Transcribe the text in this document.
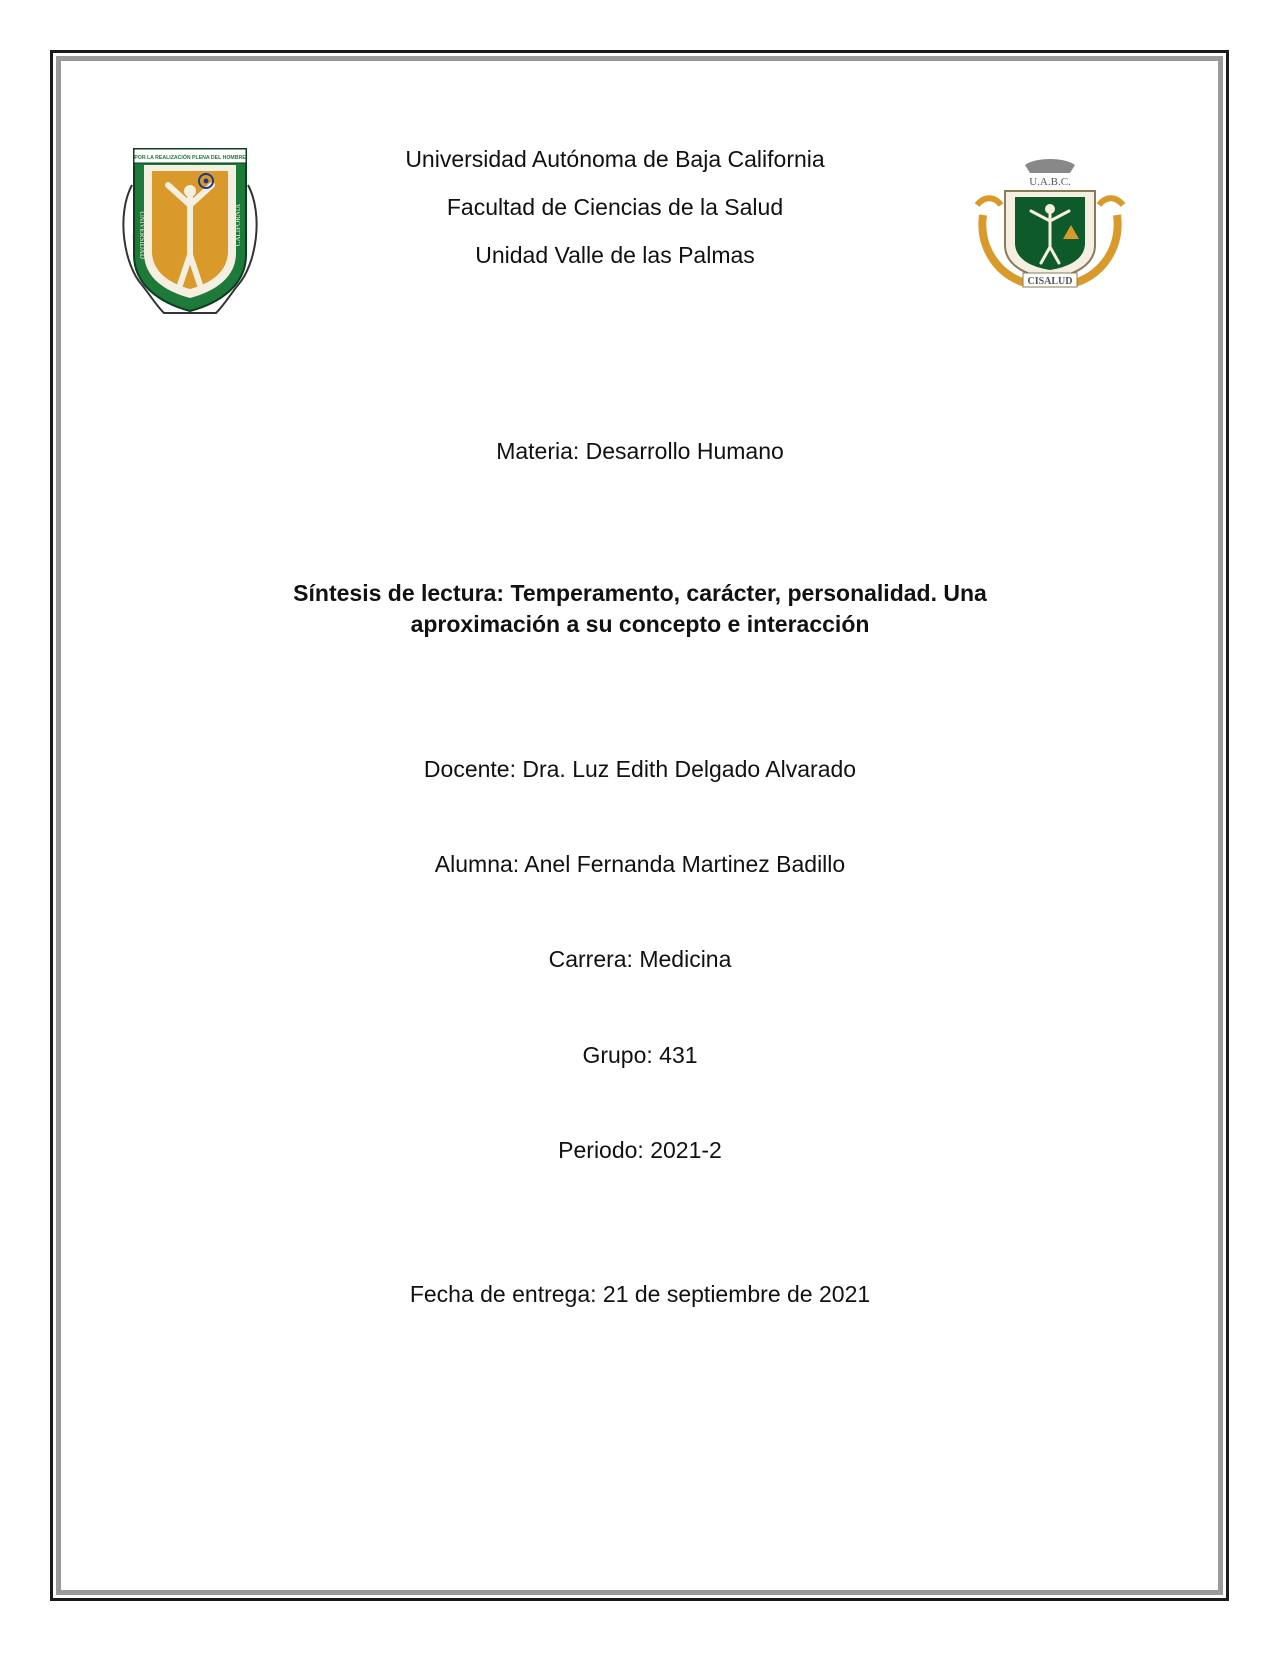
POR LA REALIZACIÓN PLENA DEL HOMBRE
UNIVERSIDAD	CALIFORNIA
U.A.B.C.
CISALUD
Universidad Autónoma de Baja California
Facultad de Ciencias de la Salud
Unidad Valle de las Palmas
Materia: Desarrollo Humano
Síntesis de lectura: Temperamento, carácter, personalidad. Una
aproximación a su concepto e interacción
Docente: Dra. Luz Edith Delgado Alvarado
Alumna: Anel Fernanda Martinez Badillo
Carrera: Medicina
Grupo: 431
Periodo: 2021-2
Fecha de entrega: 21 de septiembre de 2021
